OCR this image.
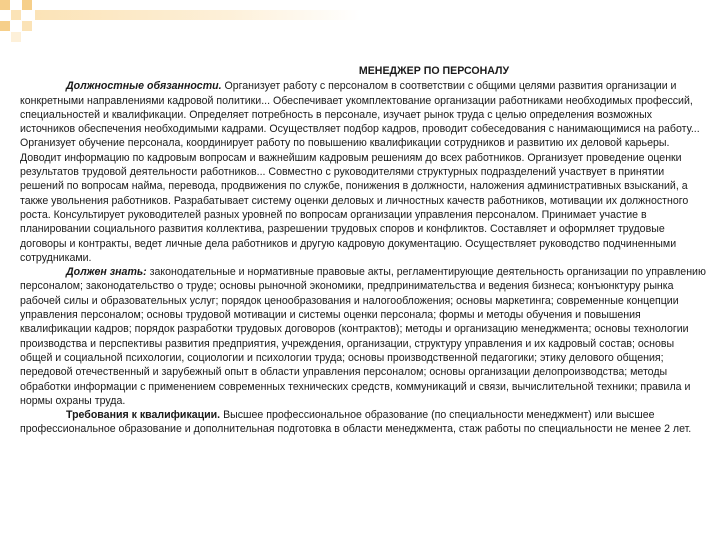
МЕНЕДЖЕР ПО ПЕРСОНАЛУ

Должностные обязанности. Организует работу с персоналом в соответствии с общими целями развития организации и конкретными направлениями кадровой политики... Обеспечивает укомплектование организации работниками необходимых профессий, специальностей и квалификации. Определяет потребность в персонале, изучает рынок труда с целью определения возможных источников обеспечения необходимыми кадрами. Осуществляет подбор кадров, проводит собеседования с нанимающимися на работу... Организует обучение персонала, координирует работу по повышению квалификации сотрудников и развитию их деловой карьеры. Доводит информацию по кадровым вопросам и важнейшим кадровым решениям до всех работников. Организует проведение оценки результатов трудовой деятельности работников... Совместно с руководителями структурных подразделений участвует в принятии решений по вопросам найма, перевода, продвижения по службе, понижения в должности, наложения административных взысканий, а также увольнения работников. Разрабатывает систему оценки деловых и личностных качеств работников, мотивации их должностного роста. Консультирует руководителей разных уровней по вопросам организации управления персоналом. Принимает участие в планировании социального развития коллектива, разрешении трудовых споров и конфликтов. Составляет и оформляет трудовые договоры и контракты, ведет личные дела работников и другую кадровую документацию. Осуществляет руководство подчиненными сотрудниками.

Должен знать: законодательные и нормативные правовые акты, регламентирующие деятельность организации по управлению персоналом; законодательство о труде; основы рыночной экономики, предпринимательства и ведения бизнеса; конъюнктуру рынка рабочей силы и образовательных услуг; порядок ценообразования и налогообложения; основы маркетинга; современные концепции управления персоналом; основы трудовой мотивации и системы оценки персонала; формы и методы обучения и повышения квалификации кадров; порядок разработки трудовых договоров (контрактов); методы и организацию менеджмента; основы технологии производства и перспективы развития предприятия, учреждения, организации, структуру управления и их кадровый состав; основы общей и социальной психологии, социологии и психологии труда; основы производственной педагогики; этику делового общения; передовой отечественный и зарубежный опыт в области управления персоналом; основы организации делопроизводства; методы обработки информации с применением современных технических средств, коммуникаций и связи, вычислительной техники; правила и нормы охраны труда.

Требования к квалификации. Высшее профессиональное образование (по специальности менеджмент) или высшее профессиональное образование и дополнительная подготовка в области менеджмента, стаж работы по специальности не менее 2 лет.
